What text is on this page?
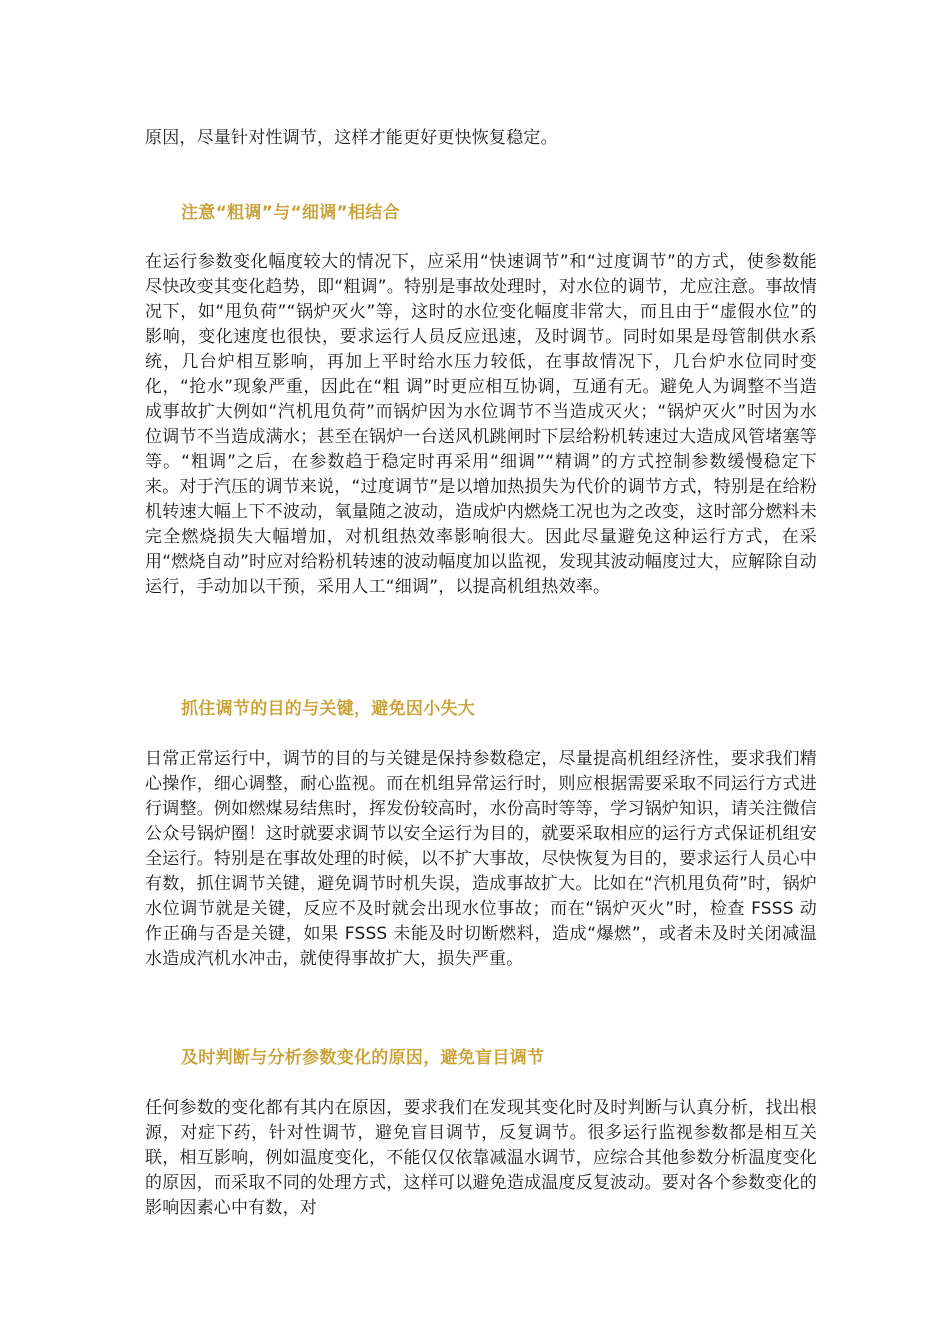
原因，尽量针对性调节，这样才能更好更快恢复稳定。

注意“粗调”与“细调”相结合

在运行参数变化幅度较大的情况下，应采用“快速调节”和“过度调节”的方式，使参数能尽快改变其变化趋势，即“粗调”。特别是事故处理时，对水位的调节，尤应注意。事故情况下，如“甩负荷”“锅炉灭火”等，这时的水位变化幅度非常大，而且由于“虚假水位”的影响，变化速度也很快，要求运行人员反应迅速，及时调节。同时如果是母管制供水系统，几台炉相互影响，再加上平时给水压力较低，在事故情况下，几台炉水位同时变化，“抢水”现象严重，因此在“粗 调”时更应相互协调，互通有无。避免人为调整不当造成事故扩大例如“汽机甩负荷”而锅炉因为水位调节不当造成灭火；“锅炉灭火”时因为水位调节不当造成满水；甚至在锅炉一台送风机跳闸时下层给粉机转速过大造成风管堵塞等等。“粗调”之后，在参数趋于稳定时再采用“细调”“精调”的方式控制参数缓慢稳定下来。对于汽压的调节来说，“过度调节”是以增加热损失为代价的调节方式，特别是在给粉机转速大幅上下不波动，氧量随之波动，造成炉内燃烧工况也为之改变，这时部分燃料未完全燃烧损失大幅增加，对机组热效率影响很大。因此尽量避免这种运行方式，在采用“燃烧自动”时应对给粉机转速的波动幅度加以监视，发现其波动幅度过大，应解除自动运行，手动加以干预，采用人工“细调”，以提高机组热效率。

抓住调节的目的与关键，避免因小失大

日常正常运行中，调节的目的与关键是保持参数稳定，尽量提高机组经济性，要求我们精心操作，细心调整，耐心监视。而在机组异常运行时，则应根据需要采取不同运行方式进行调整。例如燃煤易结焦时，挥发份较高时，水份高时等等，学习锅炉知识，请关注微信公众号锅炉圈！这时就要求调节以安全运行为目的，就要采取相应的运行方式保证机组安全运行。特别是在事故处理的时候，以不扩大事故，尽快恢复为目的，要求运行人员心中有数，抓住调节关键，避免调节时机失误，造成事故扩大。比如在“汽机甩负荷”时，锅炉水位调节就是关键，反应不及时就会出现水位事故；而在“锅炉灭火”时，检查 FSSS 动作正确与否是关键，如果 FSSS 未能及时切断燃料，造成“爆燃”，或者未及时关闭减温水造成汽机水冲击，就使得事故扩大，损失严重。

及时判断与分析参数变化的原因，避免盲目调节

任何参数的变化都有其内在原因，要求我们在发现其变化时及时判断与认真分析，找出根源，对症下药，针对性调节，避免盲目调节，反复调节。很多运行监视参数都是相互关联，相互影响，例如温度变化，不能仅仅依靠减温水调节，应综合其他参数分析温度变化的原因，而采取不同的处理方式，这样可以避免造成温度反复波动。要对各个参数变化的影响因素心中有数，对
